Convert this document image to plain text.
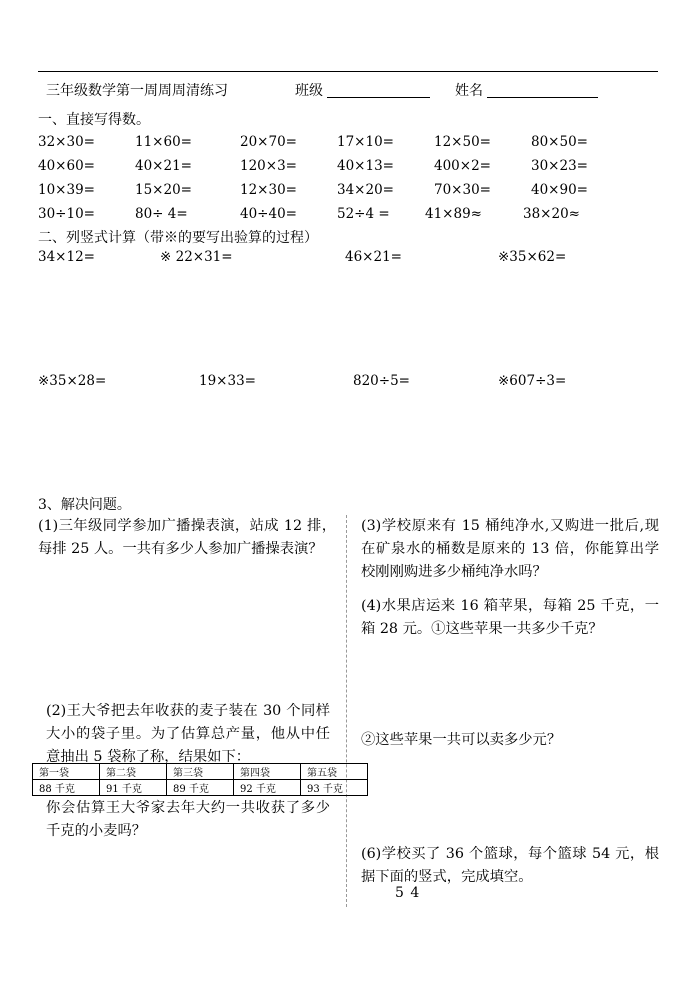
三年级数学第一周周周清练习	班级	姓名
一、直接写得数。
32×30=	11×60=	20×70=	17×10=	12×50=	80×50=
40×60=	40×21=	120×3=	40×13=	400×2=	30×23=
10×39=	15×20=	12×30=	34×20=	70×30=	40×90=
30÷10=	80÷ 4=	40÷40=	52÷4 =	41×89≈	38×20≈
二、列竖式计算（带※的要写出验算的过程）
34×12=	※ 22×31=	46×21=	※35×62=
※35×28=	19×33=	820÷5=	※607÷3=
3、解决问题。
(1)三年级同学参加广播操表演，站成 12 排，每排 25 人。一共有多少人参加广播操表演？
(2)王大爷把去年收获的麦子装在 30 个同样大小的袋子里。为了估算总产量，他从中任意抽出 5 袋称了称，结果如下：
第一袋	第二袋	第三袋	第四袋	第五袋
88 千克	91 千克	89 千克	92 千克	93 千克
你会估算王大爷家去年大约一共收获了多少千克的小麦吗？
(3)学校原来有 15 桶纯净水,又购进一批后,现在矿泉水的桶数是原来的 13 倍，你能算出学校刚刚购进多少桶纯净水吗？
(4)水果店运来 16 箱苹果，每箱 25 千克，一箱 28 元。①这些苹果一共多少千克？
②这些苹果一共可以卖多少元？
(6)学校买了 36 个篮球，每个篮球 54 元，根据下面的竖式，完成填空。
5 4
